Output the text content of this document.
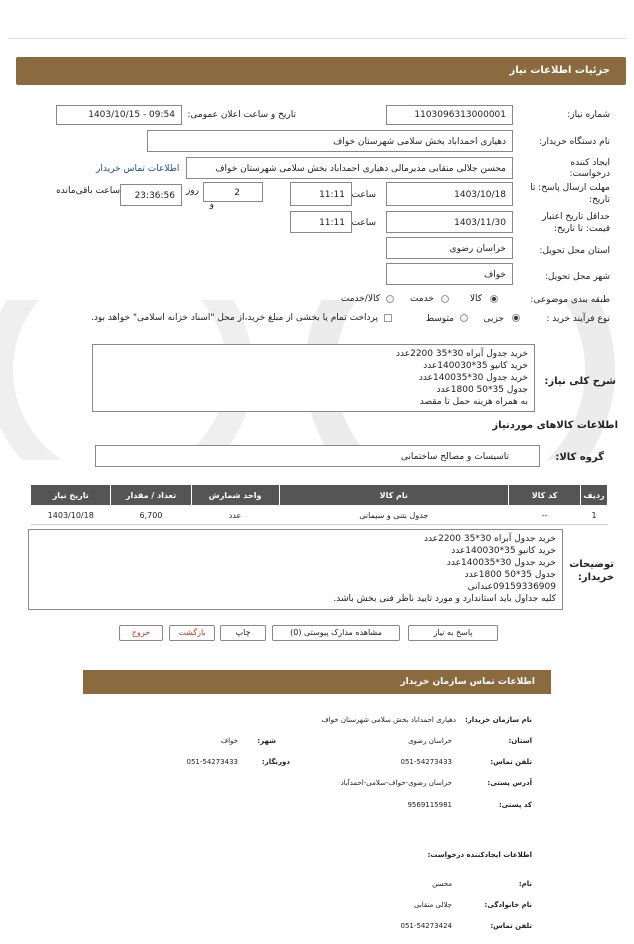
جزئیات اطلاعات نیاز
شماره نیاز:
1103096313000001
تاریخ و ساعت اعلان عمومی:
1403/10/15 - 09:54
نام دستگاه خریدار:
دهیاری احمداباد بخش سلامی شهرستان خواف
ایجاد کننده
درخواست:
محسن جلالی منقابی مدیرمالی دهیاری احمداباد بخش سلامی شهرستان خواف
اطلاعات تماس خریدار
مهلت ارسال پاسخ: تا
تاریخ:
1403/10/18
ساعت
11:11
2
روز
و
23:36:56
ساعت باقی‌مانده
حداقل تاریخ اعتبار
قیمت: تا تاریخ:
1403/11/30
ساعت
11:11
استان محل تحویل:
خراسان رضوی
شهر محل تحویل:
خواف
طبقه بندی موضوعی:
کالا
خدمت
کالا/خدمت
نوع فرآیند خرید :
جزیی
متوسط
پرداخت تمام یا بخشی از مبلغ خرید،از محل "اسناد خزانه اسلامی" خواهد بود.
شرح کلی نیاز:
خرید جدول آبراه 30*35 2200عدد
خرید کانیو 35*140030عدد
خرید جدول 30*140035عدد
جدول 35*50 1800عدد
به همراه هزینه حمل تا مقصد
اطلاعات کالاهای مورد‌نیاز
گروه کالا:
تاسیسات و مصالح ساختمانی
ردیف	کد کالا	نام کالا	واحد شمارش	تعداد / مقدار	تاریخ نیاز
1	--	جدول بتنی و سیمانی	عدد	6,700	1403/10/18
توضیحات
خریدار:
خرید جدول آبراه 30*35 2200عدد
خرید کانیو 35*140030عدد
خرید جدول 30*140035عدد
جدول 35*50 1800عدد
09159336909عبدانی
کلیه جداول باید استاندارد و مورد تایید ناظر فنی بخش باشد.
پاسخ به نیاز
مشاهده مدارک پیوستی (0)
چاپ
بازگشت
خروج
اطلاعات تماس سازمان خریدار
نام سازمان خریدار:
دهیاری احمداباد بخش سلامی شهرستان خواف
استان:
خراسان رضوی
شهر:
خواف
تلفن تماس:
051-54273433
دورنگار:
051-54273433
آدرس پستی:
خراسان رضوی-خواف-سلامی-احمدآباد
کد پستی:
9569115981
اطلاعات ایجادکننده درخواست:
نام:
محسن
نام خانوادگی:
جلالی منقابی
تلفن تماس:
051-54273424
